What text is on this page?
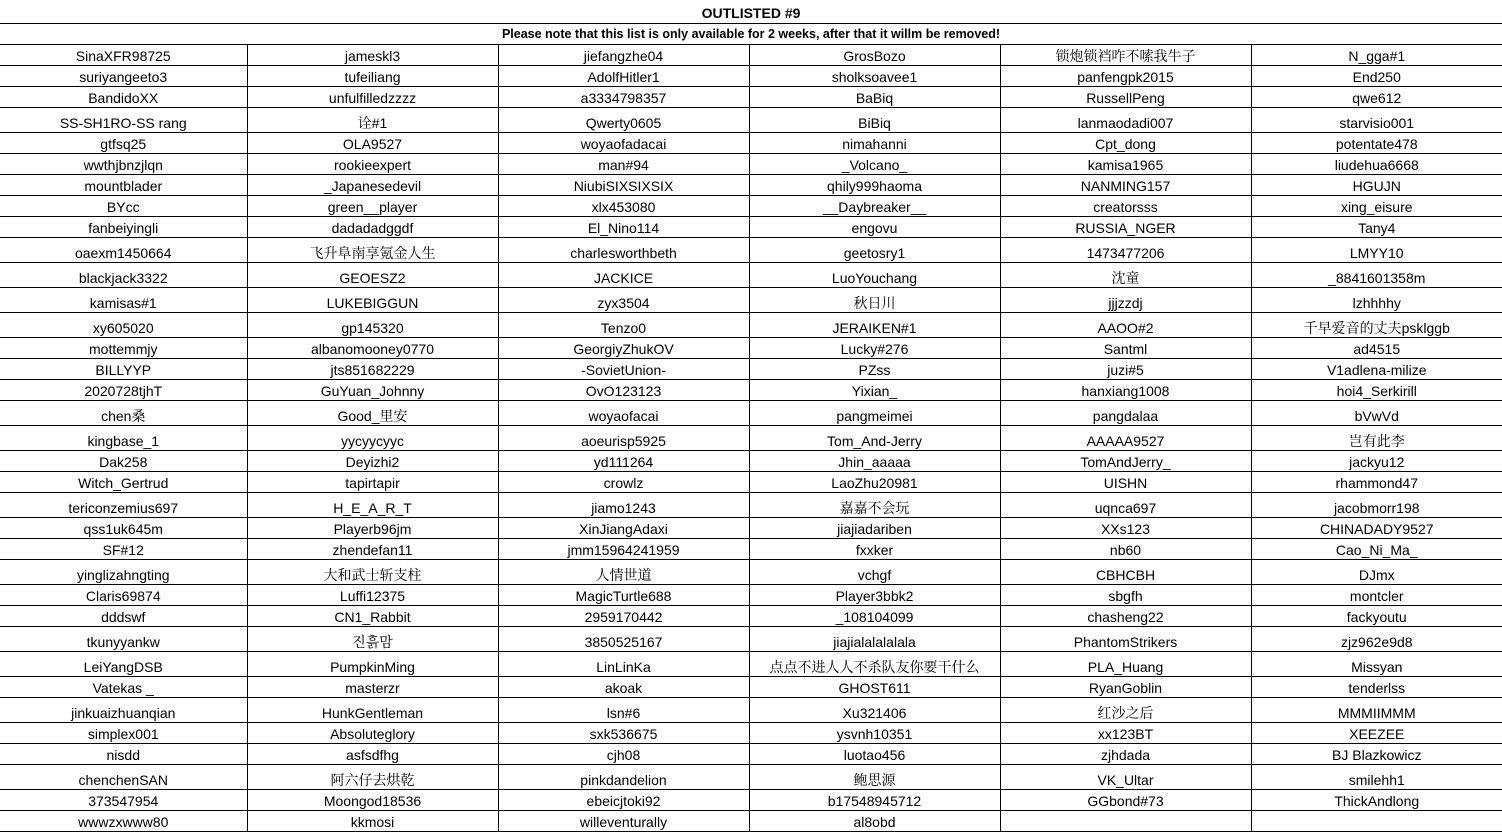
OUTLISTED #9
Please note that this list is only available for 2 weeks, after that it willm be removed!
SinaXFR98725	jameskl3	jiefangzhe04	GrosBozo	锁炮锁裆咋不嗦我牛子	N_gga#1
suriyangeeto3	tufeiliang	AdolfHitler1	sholksoavee1	panfengpk2015	End250
BandidoXX	unfulfilledzzzz	a3334798357	BaBiq	RussellPeng	qwe612
SS-SH1RO-SS rang	诠#1	Qwerty0605	BiBiq	lanmaodadi007	starvisio001
gtfsq25	OLA9527	woyaofadacai	nimahanni	Cpt_dong	potentate478
wwthjbnzjlqn	rookieexpert	man#94	_Volcano_	kamisa1965	liudehua6668
mountblader	_Japanesedevil	NiubiSIXSIXSIX	qhily999haoma	NANMING157	HGUJN
BYcc	green__player	xlx453080	__Daybreaker__	creatorsss	xing_eisure
fanbeiyingli	dadadadggdf	El_Nino114	engovu	RUSSIA_NGER	Tany4
oaexm1450664	飞升阜南享氪金人生	charlesworthbeth	geetosry1	1473477206	LMYY10
blackjack3322	GEOESZ2	JACKICE	LuoYouchang	沈童	_8841601358m
kamisas#1	LUKEBIGGUN	zyx3504	秋日川	jjjzzdj	lzhhhhy
xy605020	gp145320	Tenzo0	JERAIKEN#1	AAOO#2	千早爱音的丈夫psklggb
mottemmjy	albanomooney0770	GeorgiyZhukOV	Lucky#276	Santml	ad4515
BILLYYP	jts851682229	-SovietUnion-	PZss	juzi#5	V1adlena-milize
2020728tjhT	GuYuan_Johnny	OvO123123	Yixian_	hanxiang1008	hoi4_Serkirill
chen桑	Good_里安	woyaofacai	pangmeimei	pangdalaa	bVwVd
kingbase_1	yycyycyyc	aoeurisp5925	Tom_And-Jerry	AAAAA9527	岂有此李
Dak258	Deyizhi2	yd111264	Jhin_aaaaa	TomAndJerry_	jackyu12
Witch_Gertrud	tapirtapir	crowlz	LaoZhu20981	UISHN	rhammond47
tericonzemius697	H_E_A_R_T	jiamo1243	嘉嘉不会玩	uqnca697	jacobmorr198
qss1uk645m	Playerb96jm	XinJiangAdaxi	jiajiadariben	XXs123	CHINADADY9527
SF#12	zhendefan11	jmm15964241959	fxxker	nb60	Cao_Ni_Ma_
yinglizahngting	大和武士斩支柱	人情世道	vchgf	CBHCBH	DJmx
Claris69874	Luffi12375	MagicTurtle688	Player3bbk2	sbgfh	montcler
dddswf	CN1_Rabbit	2959170442	_108104099	chasheng22	fackyoutu
tkunyyankw	진흙맘	3850525167	jiajialalalalala	PhantomStrikers	zjz962e9d8
LeiYangDSB	PumpkinMing	LinLinKa	点点不进人人不杀队友你要干什么	PLA_Huang	Missyan
Vatekas _	masterzr	akoak	GHOST611	RyanGoblin	tenderlss
jinkuaizhuanqian	HunkGentleman	lsn#6	Xu321406	红沙之后	MMMIIMMM
simplex001	Absoluteglory	sxk536675	ysvnh10351	xx123BT	XEEZEE
nisdd	asfsdfhg	cjh08	luotao456	zjhdada	BJ Blazkowicz
chenchenSAN	阿六仔去烘乾	pinkdandelion	鲍思源	VK_Ultar	smilehh1
373547954	Moongod18536	ebeicjtoki92	b17548945712	GGbond#73	ThickAndlong
wwwzxwww80	kkmosi	willeventurally	al8obd		
